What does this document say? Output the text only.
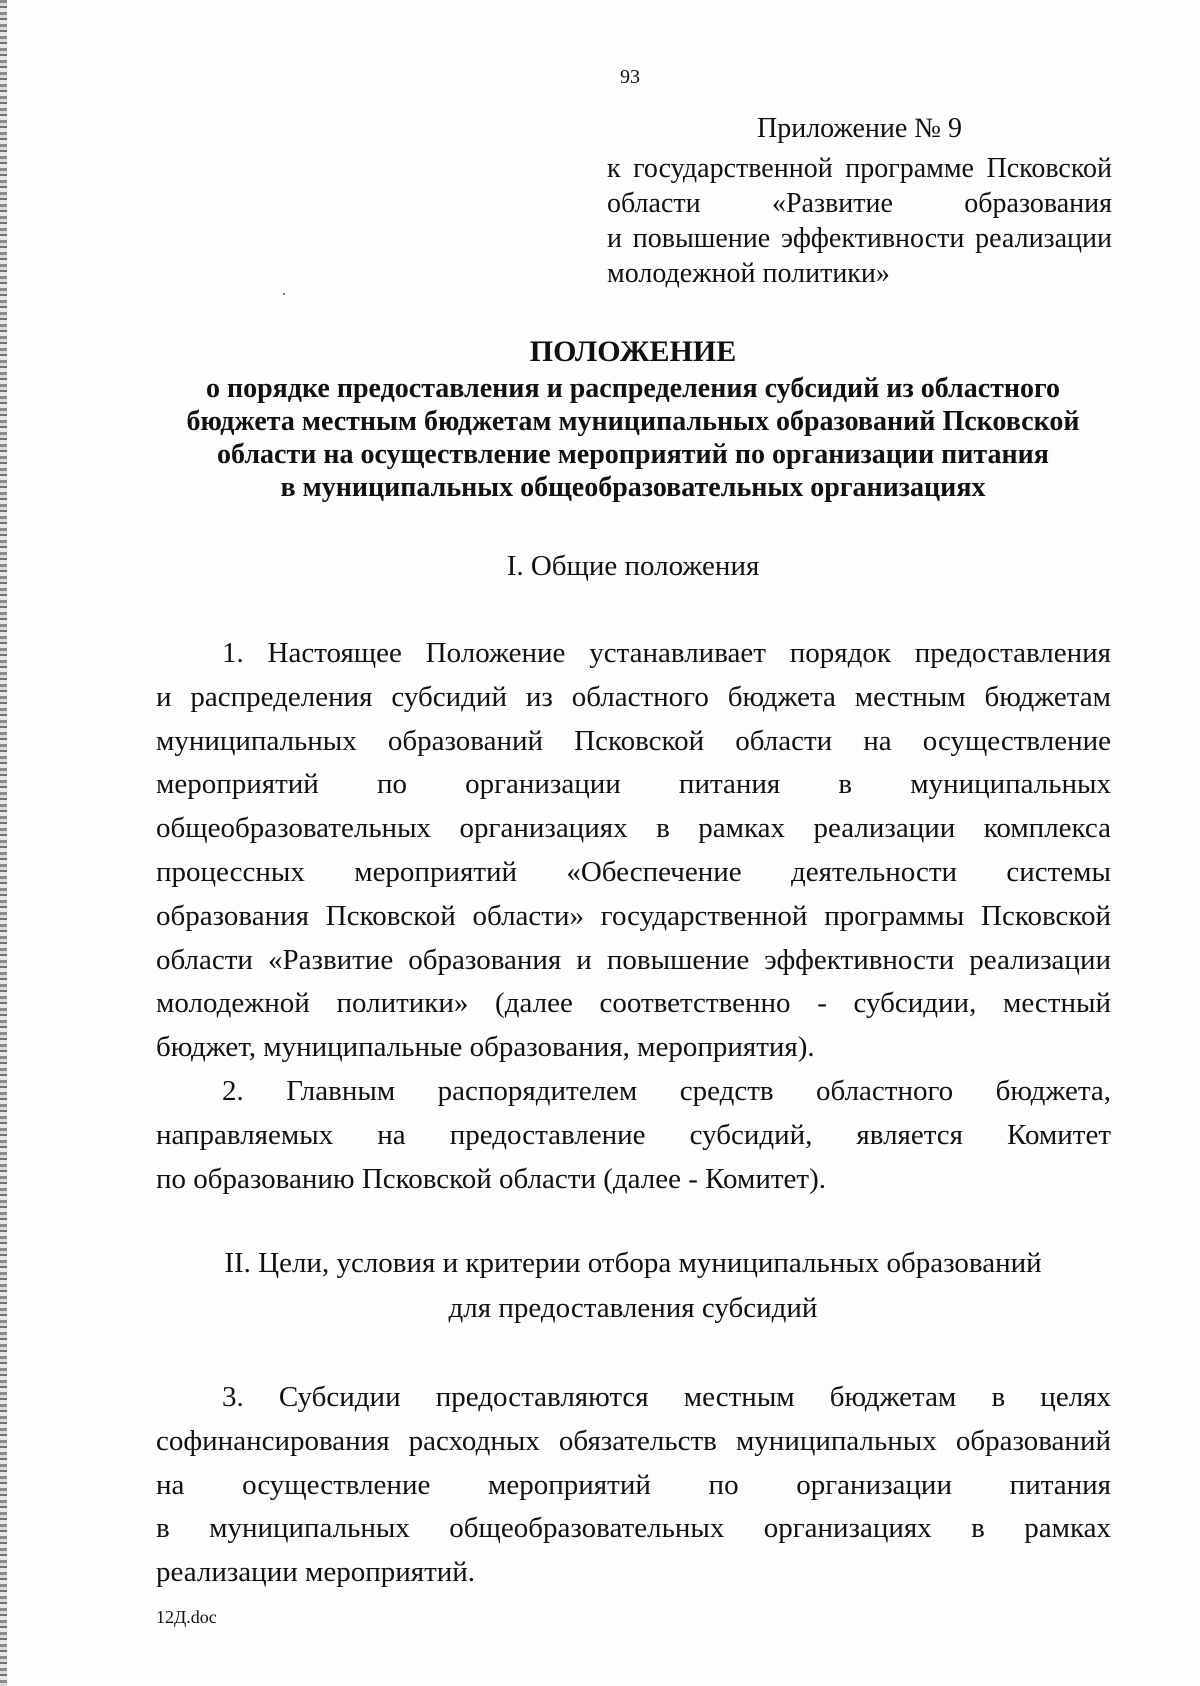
93
Приложение № 9
к государственной программе Псковской
области «Развитие образования
и повышение эффективности реализации
молодежной политики»
ПОЛОЖЕНИЕ
о порядке предоставления и распределения субсидий из областного
бюджета местным бюджетам муниципальных образований Псковской
области на осуществление мероприятий по организации питания
в муниципальных общеобразовательных организациях
I. Общие положения
1. Настоящее Положение устанавливает порядок предоставления
и распределения субсидий из областного бюджета местным бюджетам
муниципальных образований Псковской области на осуществление
мероприятий по организации питания в муниципальных
общеобразовательных организациях в рамках реализации комплекса
процессных мероприятий «Обеспечение деятельности системы
образования Псковской области» государственной программы Псковской
области «Развитие образования и повышение эффективности реализации
молодежной политики» (далее соответственно - субсидии, местный
бюджет, муниципальные образования, мероприятия).
2. Главным распорядителем средств областного бюджета,
направляемых на предоставление субсидий, является Комитет
по образованию Псковской области (далее - Комитет).
II. Цели, условия и критерии отбора муниципальных образований
для предоставления субсидий
3. Субсидии предоставляются местным бюджетам в целях
софинансирования расходных обязательств муниципальных образований
на осуществление мероприятий по организации питания
в муниципальных общеобразовательных организациях в рамках
реализации мероприятий.
12Д.doc
